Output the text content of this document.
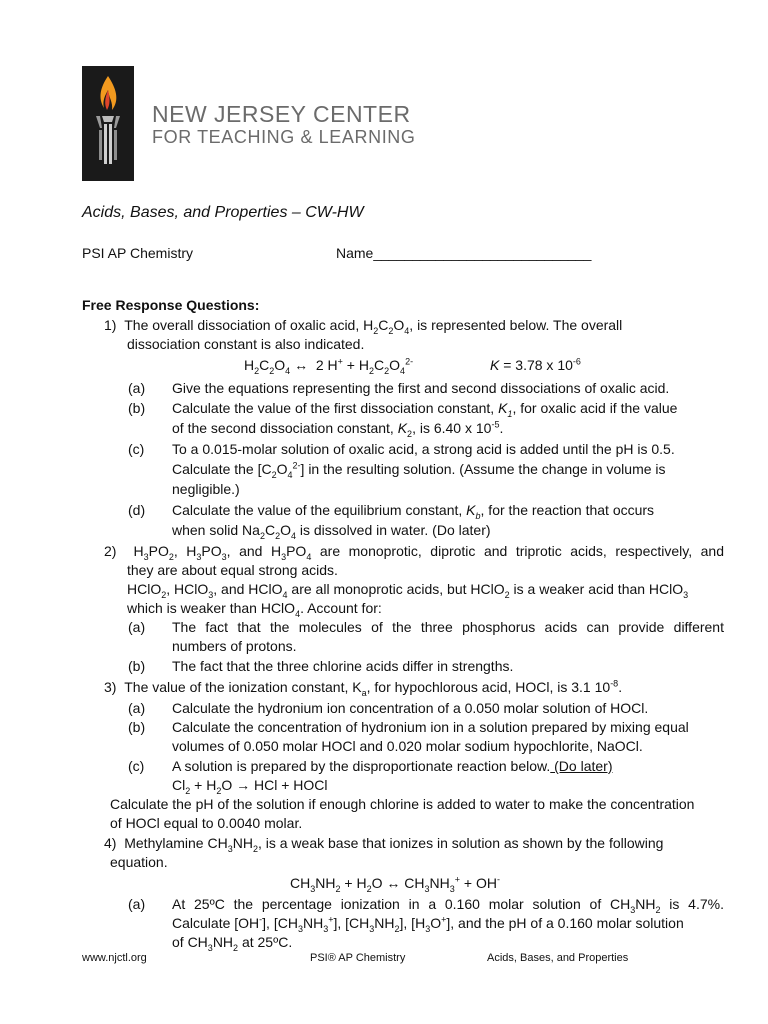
NEW JERSEY CENTER
FOR TEACHING & LEARNING
Acids, Bases, and Properties – CW-HW
PSI AP Chemistry	Name____________________________
Free Response Questions:
1)  The overall dissociation of oxalic acid, $H_2C_2O_4$, is represented below. The overall
dissociation constant is also indicated.
$H_2C_2O_4$ ↔  2 $H^+ + H_2C_2O_4^{2-}$	K = 3.78 x $10^{-6}$
(a) Give the equations representing the first and second dissociations of oxalic acid.
(b) Calculate the value of the first dissociation constant, $K_1$, for oxalic acid if the value
of the second dissociation constant, $K_2$, is 6.40 x $10^{-5}$.
(c) To a 0.015-molar solution of oxalic acid, a strong acid is added until the pH is 0.5.
Calculate the $[C_2O_4^{2-}]$ in the resulting solution. (Assume the change in volume is
negligible.)
(d) Calculate the value of the equilibrium constant, $K_b$, for the reaction that occurs
when solid $Na_2C_2O_4$ is dissolved in water. (Do later)
2)  $H_3PO_2$, $H_3PO_3$, and $H_3PO_4$ are monoprotic, diprotic and triprotic acids, respectively, and
they are about equal strong acids.
HClO$_2$, HClO$_3$, and HClO$_4$ are all monoprotic acids, but HClO$_2$ is a weaker acid than HClO$_3$
which is weaker than HClO$_4$. Account for:
(a) The fact that the molecules of the three phosphorus acids can provide different
numbers of protons.
(b) The fact that the three chlorine acids differ in strengths.
3)  The value of the ionization constant, $K_a$, for hypochlorous acid, HOCl, is 3.1 $10^{-8}$.
(a) Calculate the hydronium ion concentration of a 0.050 molar solution of HOCl.
(b) Calculate the concentration of hydronium ion in a solution prepared by mixing equal
volumes of 0.050 molar HOCl and 0.020 molar sodium hypochlorite, NaOCl.
(c) A solution is prepared by the disproportionate reaction below. (Do later)
$Cl_2 + H_2O$ → HCl + HOCl
Calculate the pH of the solution if enough chlorine is added to water to make the concentration
of HOCl equal to 0.0040 molar.
4)  Methylamine $CH_3NH_2$, is a weak base that ionizes in solution as shown by the following
equation.
$CH_3NH_2 + H_2O$ ↔ $CH_3NH_3^+ + OH^-$
(a) At 25ºC the percentage ionization in a 0.160 molar solution of $CH_3NH_2$ is 4.7%.
Calculate [OH-], $[CH_3NH_3^+]$, $[CH_3NH_2]$, $[H_3O^+]$, and the pH of a 0.160 molar solution
of $CH_3NH_2$ at 25ºC.
www.njctl.org	PSI® AP Chemistry	Acids, Bases, and Properties
